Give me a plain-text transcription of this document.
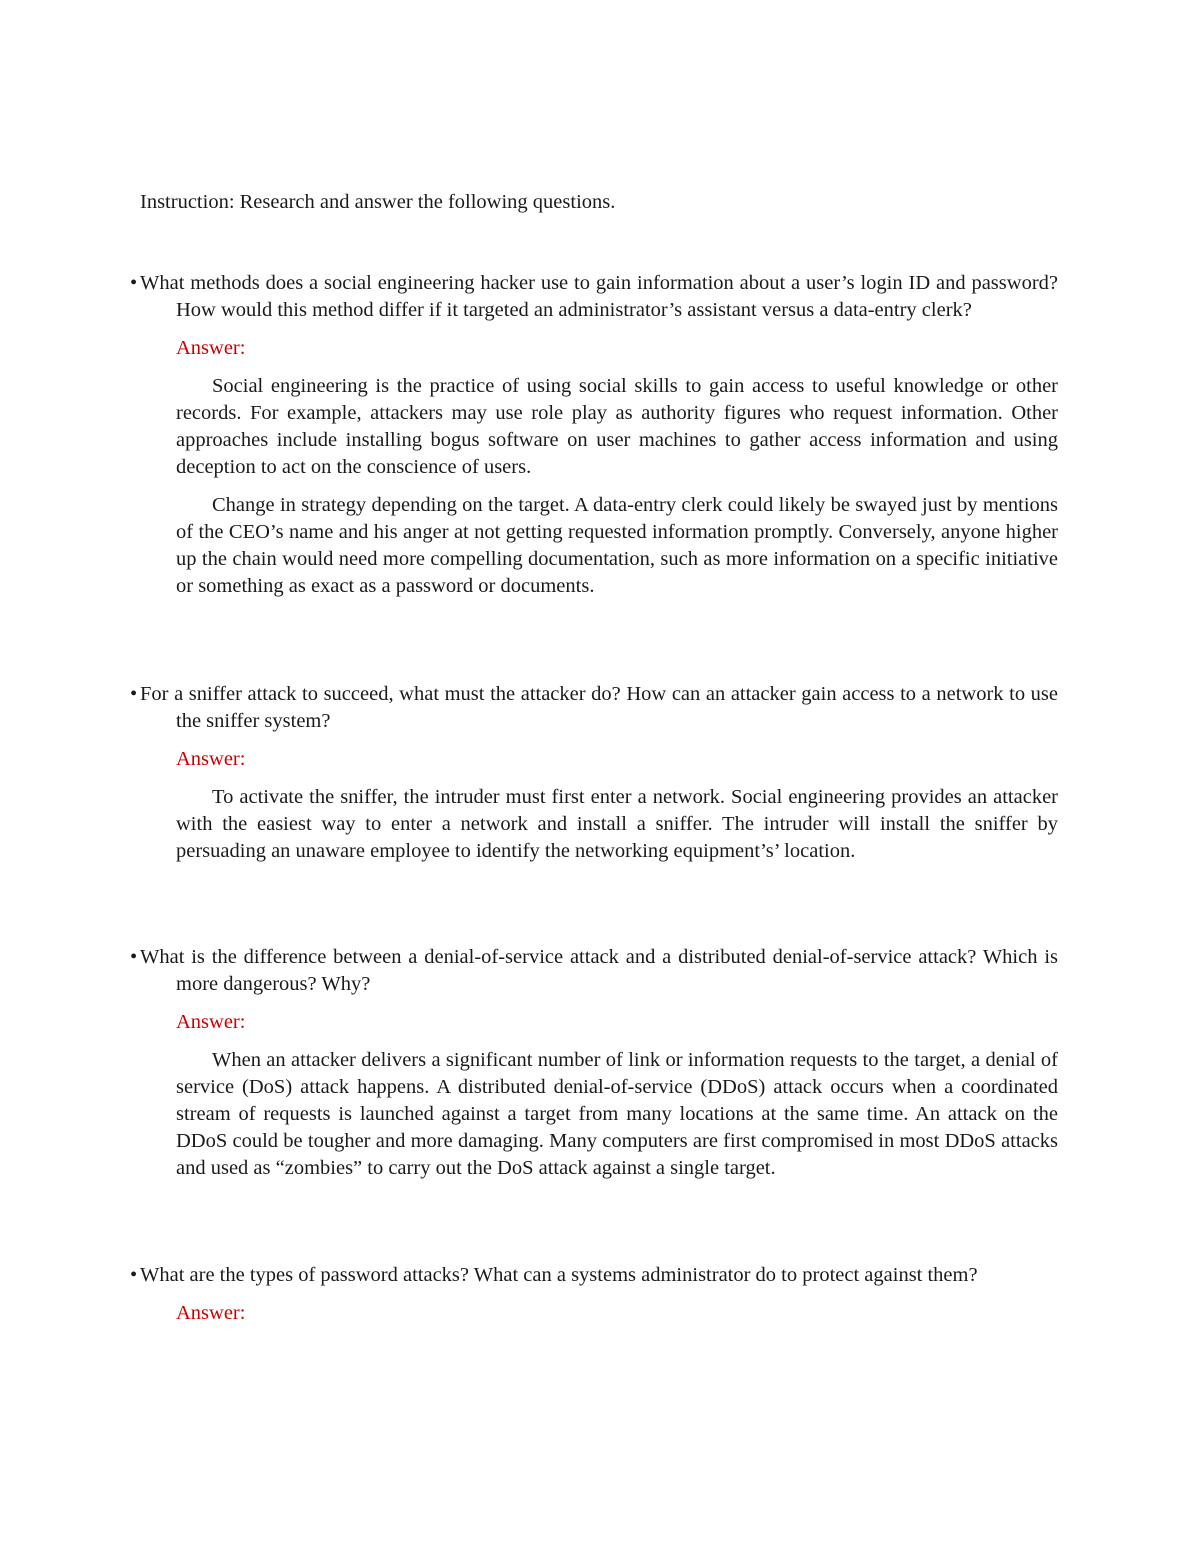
Instruction: Research and answer the following questions.

• What methods does a social engineering hacker use to gain information about a user’s login ID and password? How would this method differ if it targeted an administrator’s assistant versus a data-entry clerk?

Answer:

Social engineering is the practice of using social skills to gain access to useful knowledge or other records. For example, attackers may use role play as authority figures who request information. Other approaches include installing bogus software on user machines to gather access information and using deception to act on the conscience of users.

Change in strategy depending on the target. A data-entry clerk could likely be swayed just by mentions of the CEO’s name and his anger at not getting requested information promptly. Conversely, anyone higher up the chain would need more compelling documentation, such as more information on a specific initiative or something as exact as a password or documents.

• For a sniffer attack to succeed, what must the attacker do? How can an attacker gain access to a network to use the sniffer system?

Answer:

To activate the sniffer, the intruder must first enter a network. Social engineering provides an attacker with the easiest way to enter a network and install a sniffer. The intruder will install the sniffer by persuading an unaware employee to identify the networking equipment’s’ location.

• What is the difference between a denial-of-service attack and a distributed denial-of-service attack? Which is more dangerous? Why?

Answer:

When an attacker delivers a significant number of link or information requests to the target, a denial of service (DoS) attack happens. A distributed denial-of-service (DDoS) attack occurs when a coordinated stream of requests is launched against a target from many locations at the same time. An attack on the DDoS could be tougher and more damaging. Many computers are first compromised in most DDoS attacks and used as “zombies” to carry out the DoS attack against a single target.

• What are the types of password attacks? What can a systems administrator do to protect against them?

Answer:
